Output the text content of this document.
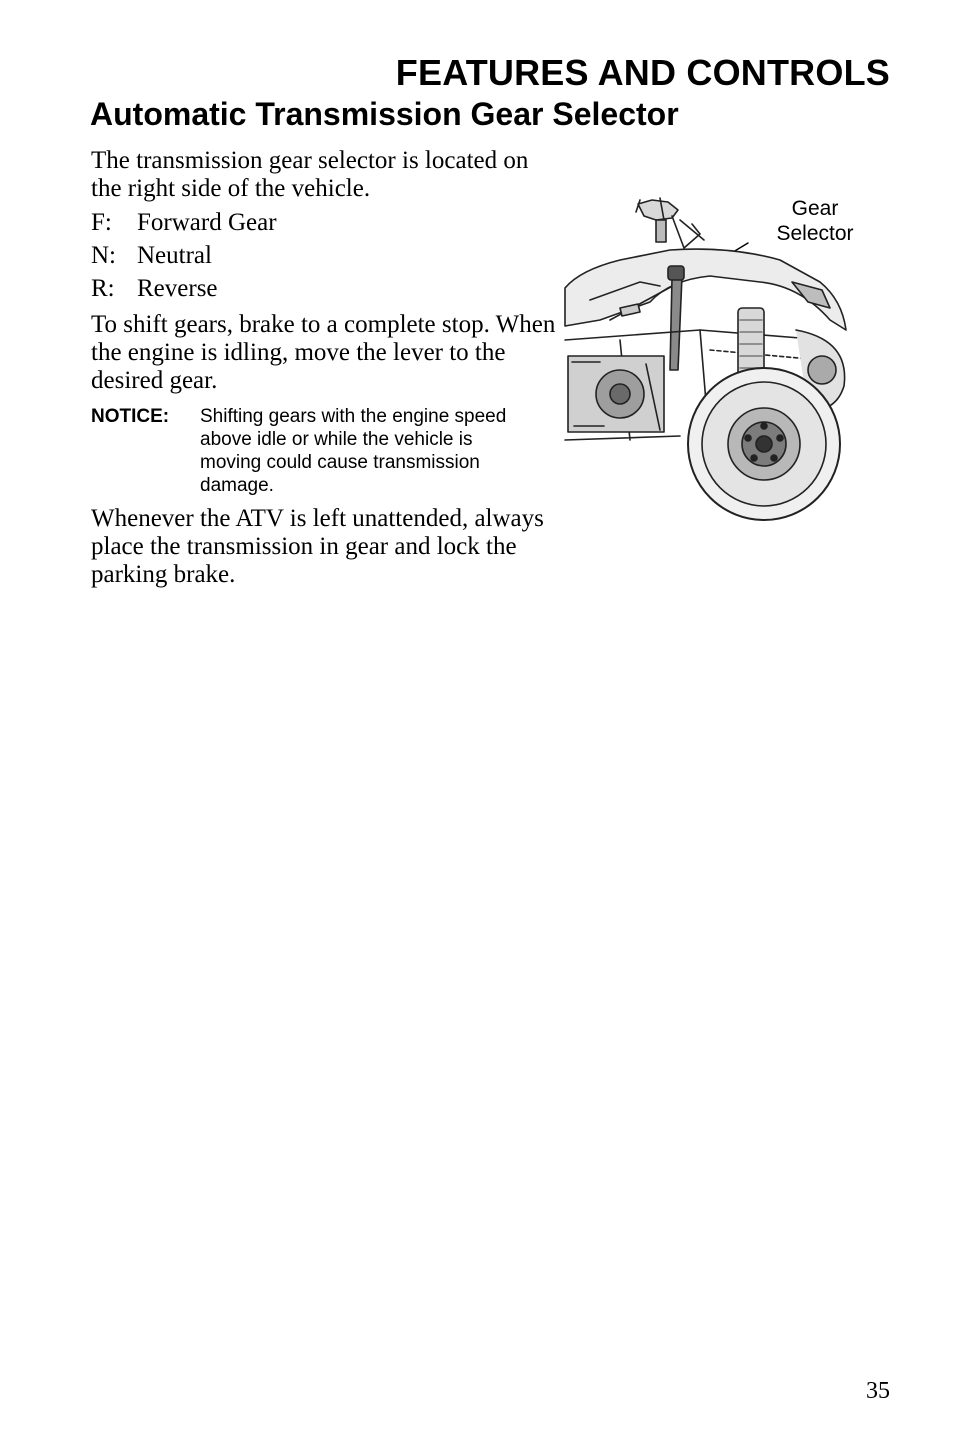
FEATURES AND CONTROLS
Automatic Transmission Gear Selector

The transmission gear selector is located on the right side of the vehicle.

F: Forward Gear
N: Neutral
R: Reverse

To shift gears, brake to a complete stop. When the engine is idling, move the lever to the desired gear.

NOTICE: Shifting gears with the engine speed above idle or while the vehicle is moving could cause transmission damage.

Whenever the ATV is left unattended, always place the transmission in gear and lock the parking brake.

Gear Selector
35
